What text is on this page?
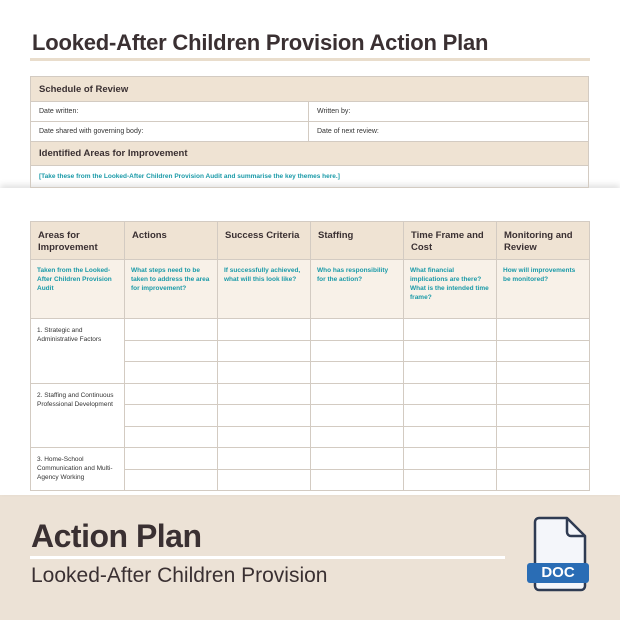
Looked-After Children Provision Action Plan
Schedule of Review	
Date written:	Written by:
Date shared with governing body:	Date of next review:
Identified Areas for Improvement	
[Take these from the Looked-After Children Provision Audit and summarise the key themes here.]	
Areas for Improvement	Actions	Success Criteria	Staffing	Time Frame and Cost	Monitoring and Review
Taken from the Looked-After Children Provision Audit	What steps need to be taken to address the area for improvement?	If successfully achieved, what will this look like?	Who has responsibility for the action?	What financial implications are there? What is the intended time frame?	How will improvements be monitored?
1. Strategic and Administrative Factors					

2. Staffing and Continuous Professional Development					

3. Home-School Communication and Multi-Agency Working					

Action Plan
Looked-After Children Provision	DOC
